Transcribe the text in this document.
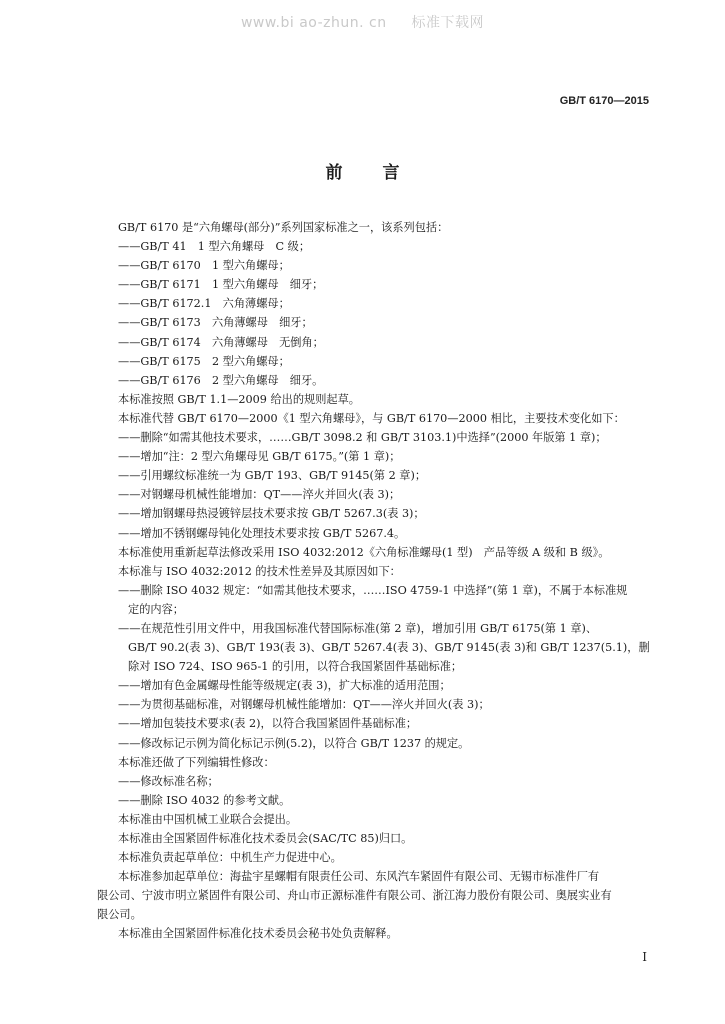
www.bi ao-zhun. cn 标准下载网
GB/T 6170—2015
前言

GB/T 6170 是“六角螺母(部分)”系列国家标准之一，该系列包括：

——GB/T 41　1 型六角螺母　C 级；

——GB/T 6170　1 型六角螺母；

——GB/T 6171　1 型六角螺母　细牙；

——GB/T 6172.1　六角薄螺母；

——GB/T 6173　六角薄螺母　细牙；

——GB/T 6174　六角薄螺母　无倒角；

——GB/T 6175　2 型六角螺母；

——GB/T 6176　2 型六角螺母　细牙。

本标准按照 GB/T 1.1—2009 给出的规则起草。

本标准代替 GB/T 6170—2000《1 型六角螺母》，与 GB/T 6170—2000 相比，主要技术变化如下：

——删除“如需其他技术要求，……GB/T 3098.2 和 GB/T 3103.1)中选择”(2000 年版第 1 章)；

——增加“注：2 型六角螺母见 GB/T 6175。”(第 1 章)；

——引用螺纹标准统一为 GB/T 193、GB/T 9145(第 2 章)；

——对钢螺母机械性能增加：QT——淬火并回火(表 3)；

——增加钢螺母热浸镀锌层技术要求按 GB/T 5267.3(表 3)；

——增加不锈钢螺母钝化处理技术要求按 GB/T 5267.4。

本标准使用重新起草法修改采用 ISO 4032:2012《六角标准螺母(1 型)　产品等级 A 级和 B 级》。

本标准与 ISO 4032:2012 的技术性差异及其原因如下：

——删除 ISO 4032 规定：“如需其他技术要求，……ISO 4759-1 中选择”(第 1 章)，不属于本标准规

定的内容；

——在规范性引用文件中，用我国标准代替国际标准(第 2 章)，增加引用 GB/T 6175(第 1 章)、

GB/T 90.2(表 3)、GB/T 193(表 3)、GB/T 5267.4(表 3)、GB/T 9145(表 3)和 GB/T 1237(5.1)，删

除对 ISO 724、ISO 965-1 的引用，以符合我国紧固件基础标准；

——增加有色金属螺母性能等级规定(表 3)，扩大标准的适用范围；

——为贯彻基础标准，对钢螺母机械性能增加：QT——淬火并回火(表 3)；

——增加包装技术要求(表 2)，以符合我国紧固件基础标准；

——修改标记示例为简化标记示例(5.2)，以符合 GB/T 1237 的规定。

本标准还做了下列编辑性修改：

——修改标准名称；

——删除 ISO 4032 的参考文献。

本标准由中国机械工业联合会提出。

本标准由全国紧固件标准化技术委员会(SAC/TC 85)归口。

本标准负责起草单位：中机生产力促进中心。

本标准参加起草单位：海盐宇星螺帽有限责任公司、东风汽车紧固件有限公司、无锡市标准件厂有

限公司、宁波市明立紧固件有限公司、舟山市正源标准件有限公司、浙江海力股份有限公司、奥展实业有

限公司。

本标准由全国紧固件标准化技术委员会秘书处负责解释。

I
